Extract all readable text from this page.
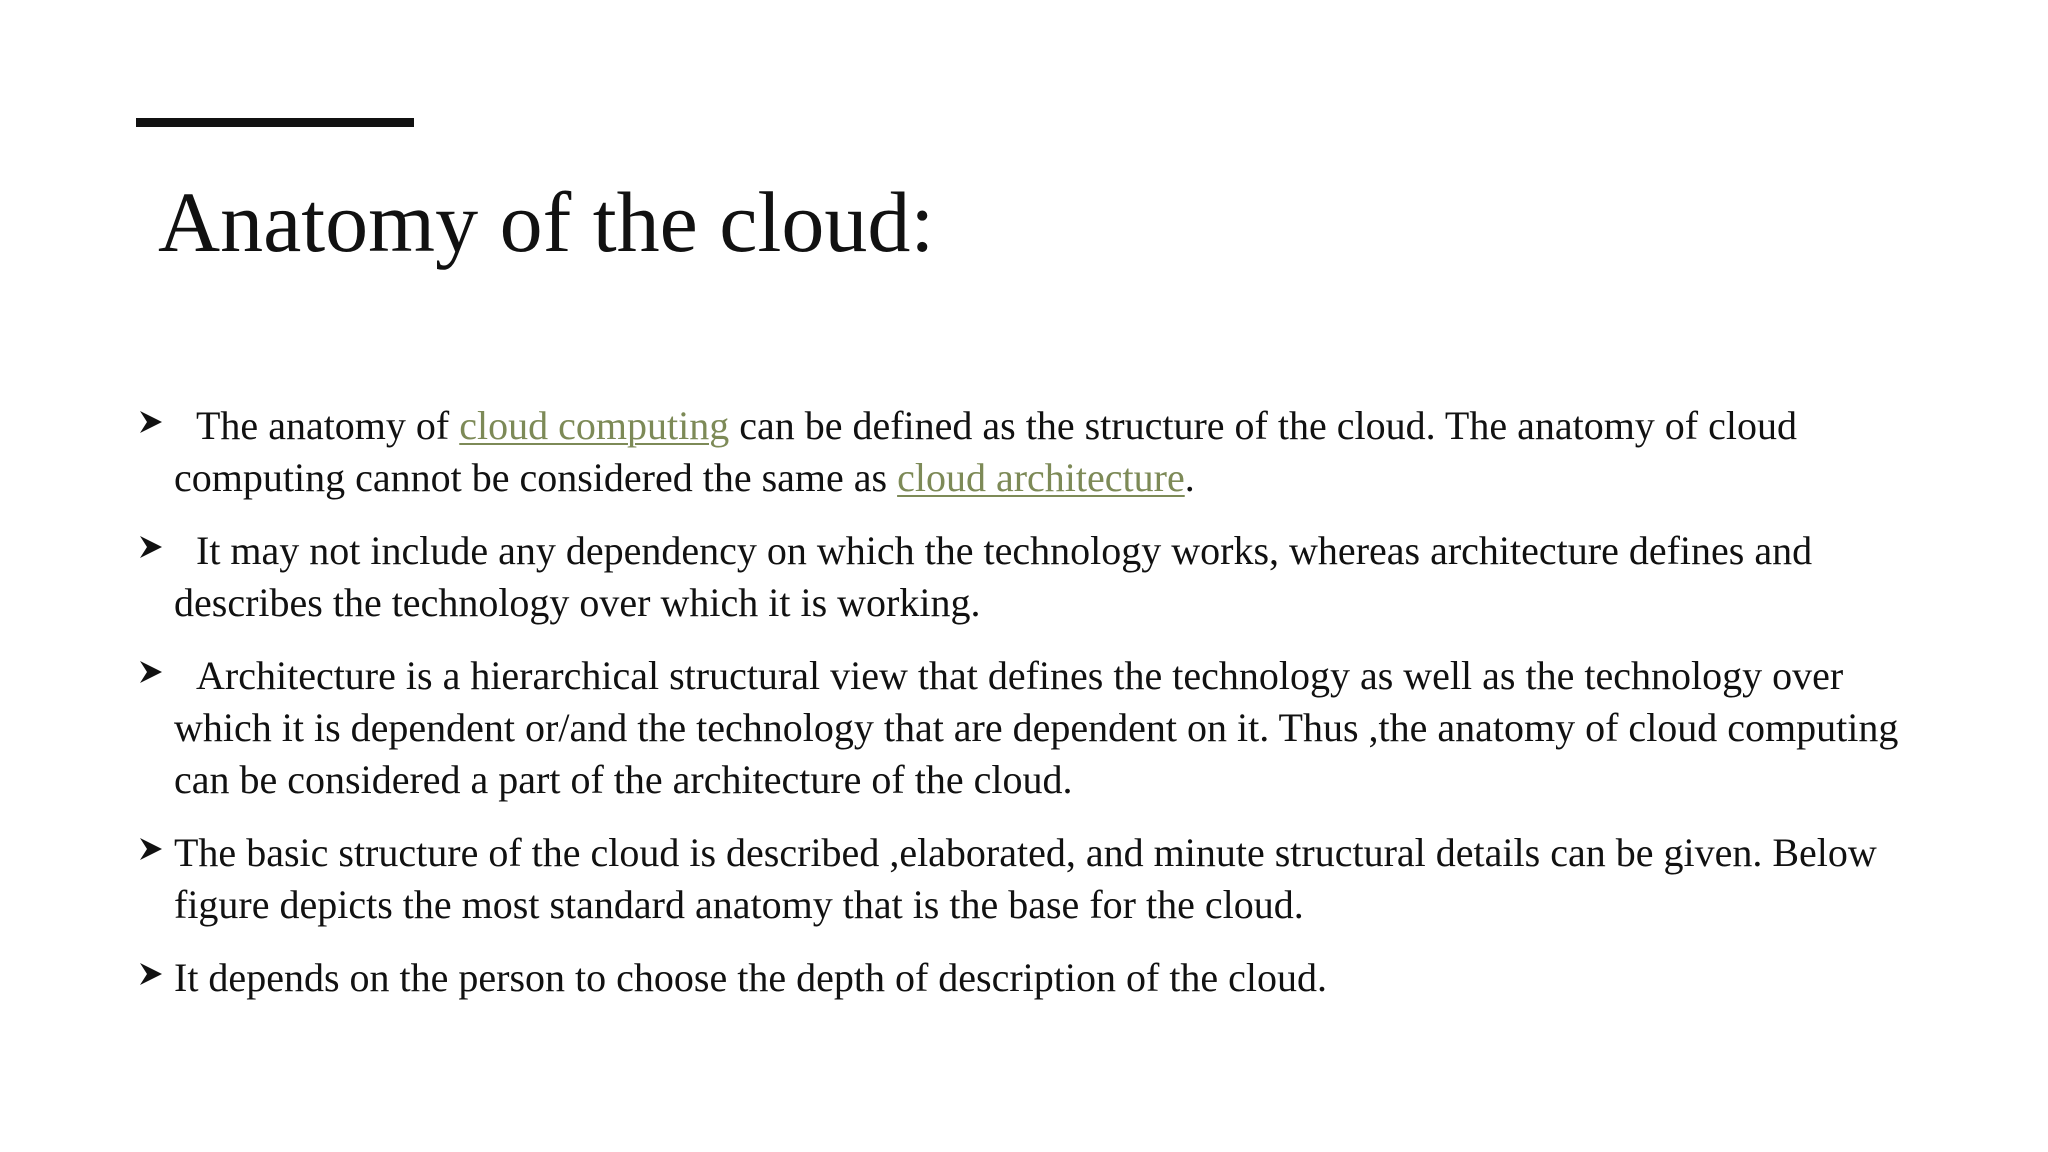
Anatomy of the cloud:
The anatomy of cloud computing can be defined as the structure of the cloud. The anatomy of cloud computing cannot be considered the same as cloud architecture.
It may not include any dependency on which the technology works, whereas architecture defines and describes the technology over which it is working.
Architecture is a hierarchical structural view that defines the technology as well as the technology over which it is dependent or/and the technology that are dependent on it. Thus ,the anatomy of cloud computing can be considered a part of the architecture of the cloud.
The basic structure of the cloud is described ,elaborated, and minute structural details can be given. Below figure depicts the most standard anatomy that is the base for the cloud.
It depends on the person to choose the depth of description of the cloud.
